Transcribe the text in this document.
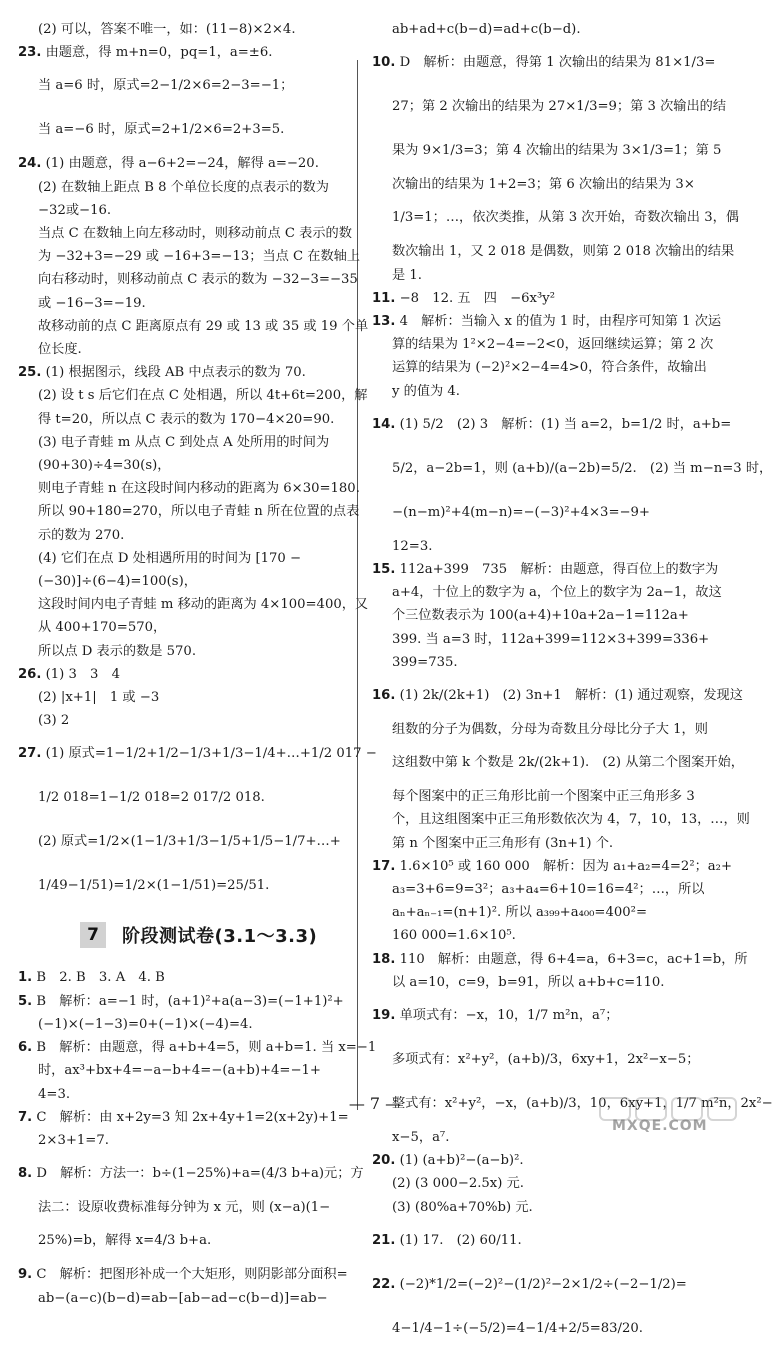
(2) 可以，答案不唯一，如：(11−8)×2×4.
23. 由题意，得 m+n=0，pq=1，a=±6.
当 a=6 时，原式=2−1/2×6=2−3=−1；
当 a=−6 时，原式=2+1/2×6=2+3=5.
24. (1) 由题意，得 a−6+2=−24，解得 a=−20.
(2) 在数轴上距点 B 8 个单位长度的点表示的数为
−32或−16.
当点 C 在数轴上向左移动时，则移动前点 C 表示的数
为 −32+3=−29 或 −16+3=−13；当点 C 在数轴上
向右移动时，则移动前点 C 表示的数为 −32−3=−35
或 −16−3=−19.
故移动前的点 C 距离原点有 29 或 13 或 35 或 19 个单
位长度.
25. (1) 根据图示，线段 AB 中点表示的数为 70.
(2) 设 t s 后它们在点 C 处相遇，所以 4t+6t=200，解
得 t=20，所以点 C 表示的数为 170−4×20=90.
(3) 电子青蛙 m 从点 C 到处点 A 处所用的时间为
(90+30)÷4=30(s)，
则电子青蛙 n 在这段时间内移动的距离为 6×30=180.
所以 90+180=270，所以电子青蛙 n 所在位置的点表
示的数为 270.
(4) 它们在点 D 处相遇所用的时间为 [170 −
(−30)]÷(6−4)=100(s)，
这段时间内电子青蛙 m 移动的距离为 4×100=400，又
从 400+170=570，
所以点 D 表示的数是 570.
26. (1) 3　3　4
(2) |x+1|　1 或 −3
(3) 2
27. (1) 原式=1−1/2+1/2−1/3+1/3−1/4+…+1/2 017 −
1/2 018=1−1/2 018=2 017/2 018.
(2) 原式=1/2×(1−1/3+1/3−1/5+1/5−1/7+…+
1/49−1/51)=1/2×(1−1/51)=25/51.
7	阶段测试卷(3.1～3.3)
1. B　2. B　3. A　4. B
5. B　解析：a=−1 时，(a+1)²+a(a−3)=(−1+1)²+
(−1)×(−1−3)=0+(−1)×(−4)=4.
6. B　解析：由题意，得 a+b+4=5，则 a+b=1. 当 x=−1
时，ax³+bx+4=−a−b+4=−(a+b)+4=−1+
4=3.
7. C　解析：由 x+2y=3 知 2x+4y+1=2(x+2y)+1=
2×3+1=7.
8. D　解析：方法一：b÷(1−25%)+a=(4/3 b+a)元；方
法二：设原收费标准每分钟为 x 元，则 (x−a)(1−
25%)=b，解得 x=4/3 b+a.
9. C　解析：把图形补成一个大矩形，则阴影部分面积=
ab−(a−c)(b−d)=ab−[ab−ad−c(b−d)]=ab−
ab+ad+c(b−d)=ad+c(b−d).
10. D　解析：由题意，得第 1 次输出的结果为 81×1/3=
27；第 2 次输出的结果为 27×1/3=9；第 3 次输出的结
果为 9×1/3=3；第 4 次输出的结果为 3×1/3=1；第 5
次输出的结果为 1+2=3；第 6 次输出的结果为 3×
1/3=1；…，依次类推，从第 3 次开始，奇数次输出 3，偶
数次输出 1，又 2 018 是偶数，则第 2 018 次输出的结果
是 1.
11. −8　12. 五　四　−6x³y²
13. 4　解析：当输入 x 的值为 1 时，由程序可知第 1 次运
算的结果为 1²×2−4=−2<0，返回继续运算；第 2 次
运算的结果为 (−2)²×2−4=4>0，符合条件，故输出
y 的值为 4.
14. (1) 5/2　(2) 3　解析：(1) 当 a=2，b=1/2 时，a+b=
5/2，a−2b=1，则 (a+b)/(a−2b)=5/2.　(2) 当 m−n=3 时，
−(n−m)²+4(m−n)=−(−3)²+4×3=−9+
12=3.
15. 112a+399　735　解析：由题意，得百位上的数字为
a+4，十位上的数字为 a，个位上的数字为 2a−1，故这
个三位数表示为 100(a+4)+10a+2a−1=112a+
399. 当 a=3 时，112a+399=112×3+399=336+
399=735.
16. (1) 2k/(2k+1)　(2) 3n+1　解析：(1) 通过观察，发现这
组数的分子为偶数，分母为奇数且分母比分子大 1，则
这组数中第 k 个数是 2k/(2k+1).　(2) 从第二个图案开始，
每个图案中的正三角形比前一个图案中正三角形多 3
个，且这组图案中正三角形数依次为 4，7，10，13，…，则
第 n 个图案中正三角形有 (3n+1) 个.
17. 1.6×10⁵ 或 160 000　解析：因为 a₁+a₂=4=2²；a₂+
a₃=3+6=9=3²；a₃+a₄=6+10=16=4²；…，所以
aₙ+aₙ₋₁=(n+1)². 所以 a₃₉₉+a₄₀₀=400²=
160 000=1.6×10⁵.
18. 110　解析：由题意，得 6+4=a，6+3=c，ac+1=b，所
以 a=10，c=9，b=91，所以 a+b+c=110.
19. 单项式有：−x，10，1/7 m²n，a⁷；
多项式有：x²+y²，(a+b)/3，6xy+1，2x²−x−5；
整式有：x²+y²，−x，(a+b)/3，10，6xy+1，1/7 m²n，2x²−
x−5，a⁷.
20. (1) (a+b)²−(a−b)².
(2) (3 000−2.5x) 元.
(3) (80%a+70%b) 元.
21. (1) 17.　(2) 60/11.
22. (−2)*1/2=(−2)²−(1/2)²−2×1/2÷(−2−1/2)=
4−1/4−1÷(−5/2)=4−1/4+2/5=83/20.
— 7 —
MXQE.COM
